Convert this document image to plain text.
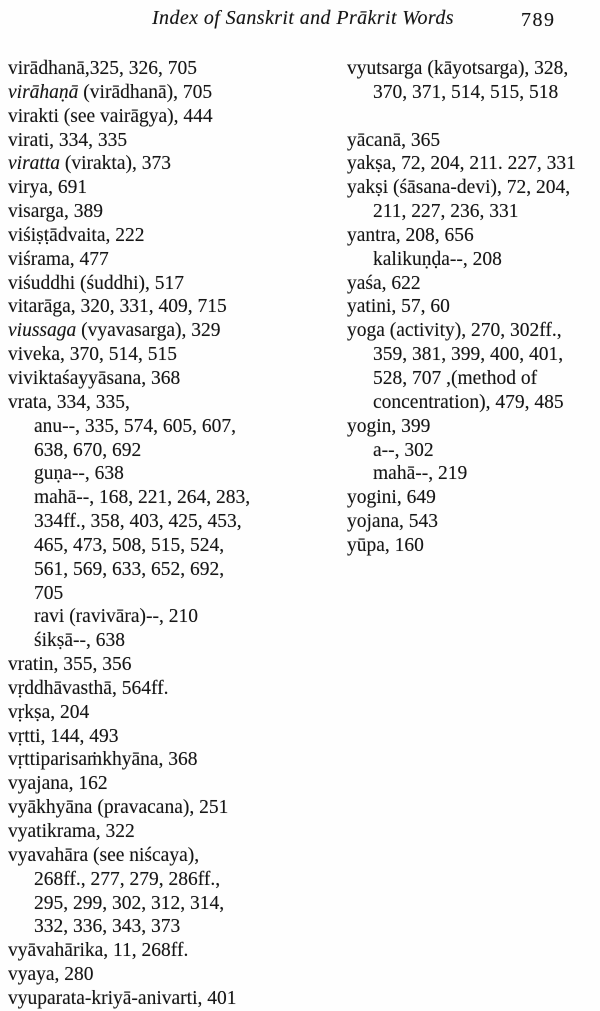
Index of Sanskrit and Prākrit Words	789
virādhanā,325, 326, 705
virāhaṇā (virādhanā), 705
virakti (see vairāgya), 444
virati, 334, 335
viratta (virakta), 373
virya, 691
visarga, 389
viśiṣṭādvaita, 222
viśrama, 477
viśuddhi (śuddhi), 517
vitarāga, 320, 331, 409, 715
viussaga (vyavasarga), 329
viveka, 370, 514, 515
viviktaśayyāsana, 368
vrata, 334, 335,
anu--, 335, 574, 605, 607,
638, 670, 692
guṇa--, 638
mahā--, 168, 221, 264, 283,
334ff., 358, 403, 425, 453,
465, 473, 508, 515, 524,
561, 569, 633, 652, 692,
705
ravi (ravivāra)--, 210
śikṣā--, 638
vratin, 355, 356
vṛddhāvasthā, 564ff.
vṛkṣa, 204
vṛtti, 144, 493
vṛttiparisaṁkhyāna, 368
vyajana, 162
vyākhyāna (pravacana), 251
vyatikrama, 322
vyavahāra (see niścaya),
268ff., 277, 279, 286ff.,
295, 299, 302, 312, 314,
332, 336, 343, 373
vyāvahārika, 11, 268ff.
vyaya, 280
vyuparata-kriyā-anivarti, 401
vyutsarga (kāyotsarga), 328,
370, 371, 514, 515, 518
yācanā, 365
yakṣa, 72, 204, 211. 227, 331
yakṣi (śāsana-devi), 72, 204,
211, 227, 236, 331
yantra, 208, 656
kalikuṇḍa--, 208
yaśa, 622
yatini, 57, 60
yoga (activity), 270, 302ff.,
359, 381, 399, 400, 401,
528, 707 ,(method of
concentration), 479, 485
yogin, 399
a--, 302
mahā--, 219
yogini, 649
yojana, 543
yūpa, 160
